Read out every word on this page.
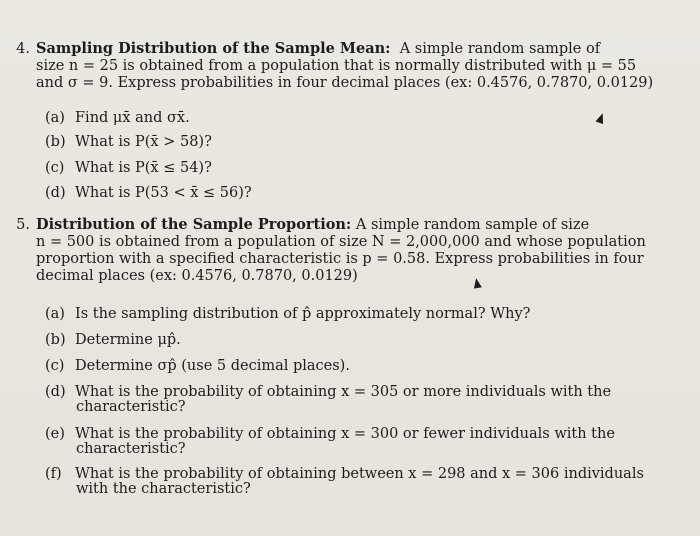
4. Sampling Distribution of the Sample Mean: A simple random sample of
size n = 25 is obtained from a population that is normally distributed with μ = 55
and σ = 9. Express probabilities in four decimal places (ex: 0.4576, 0.7870, 0.0129)
(a) Find μx̄ and σx̄.
(b) What is P(x̄ > 58)?
(c) What is P(x̄ ≤ 54)?
(d) What is P(53 < x̄ ≤ 56)?
5. Distribution of the Sample Proportion: A simple random sample of size
n = 500 is obtained from a population of size N = 2,000,000 and whose population
proportion with a specified characteristic is p = 0.58. Express probabilities in four
decimal places (ex: 0.4576, 0.7870, 0.0129)
(a) Is the sampling distribution of p̂ approximately normal? Why?
(b) Determine μp̂.
(c) Determine σp̂ (use 5 decimal places).
(d) What is the probability of obtaining x = 305 or more individuals with the
characteristic?
(e) What is the probability of obtaining x = 300 or fewer individuals with the
characteristic?
(f) What is the probability of obtaining between x = 298 and x = 306 individuals
with the characteristic?
